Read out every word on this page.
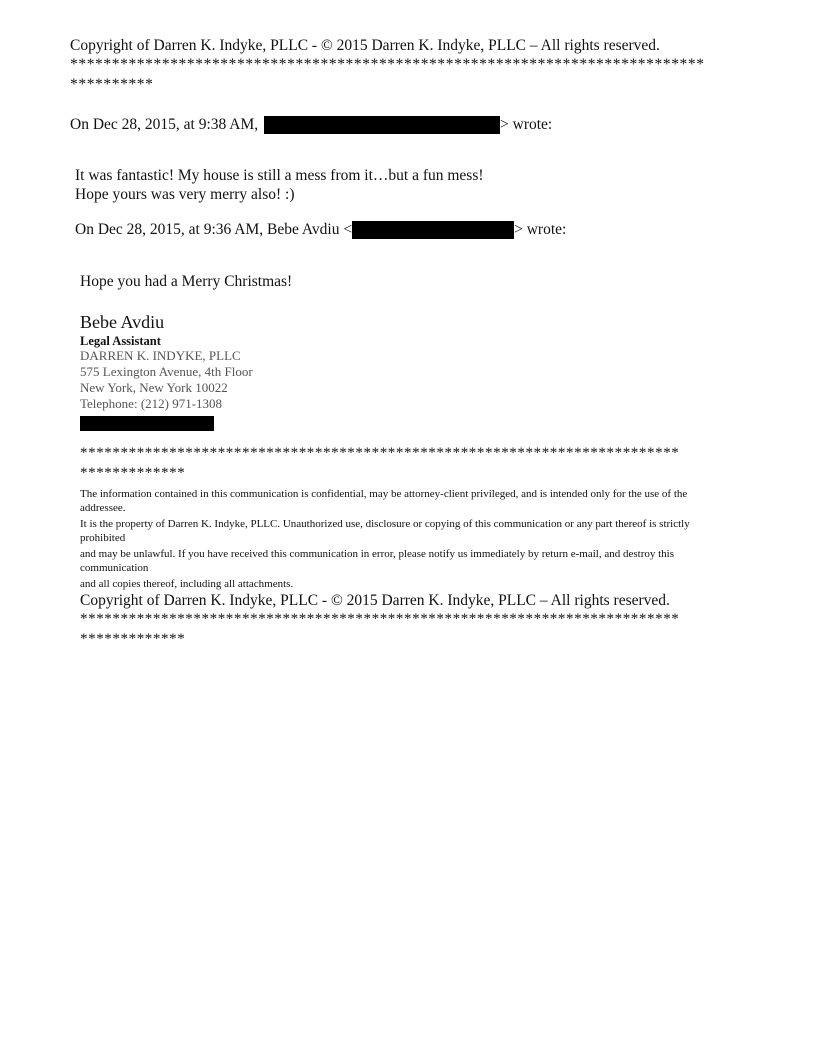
Copyright of Darren K. Indyke, PLLC - © 2015 Darren K. Indyke, PLLC – All rights reserved.
****************************************************************************
**********
On Dec 28, 2015, at 9:38 AM,	> wrote:
It was fantastic! My house is still a mess from it…but a fun mess!
Hope yours was very merry also! :)
On Dec 28, 2015, at 9:36 AM, Bebe Avdiu <	> wrote:
Hope you had a Merry Christmas!
Bebe Avdiu
Legal Assistant
DARREN K. INDYKE, PLLC
575 Lexington Avenue, 4th Floor
New York, New York 10022
Telephone: (212) 971-1308
**************************************************************************
*************
The information contained in this communication is confidential, may be attorney-client privileged, and is intended only for the use of the addressee.
It is the property of Darren K. Indyke, PLLC. Unauthorized use, disclosure or copying of this communication or any part thereof is strictly prohibited
and may be unlawful. If you have received this communication in error, please notify us immediately by return e-mail, and destroy this communication
and all copies thereof, including all attachments.
Copyright of Darren K. Indyke, PLLC - © 2015 Darren K. Indyke, PLLC – All rights reserved.
**************************************************************************
*************
